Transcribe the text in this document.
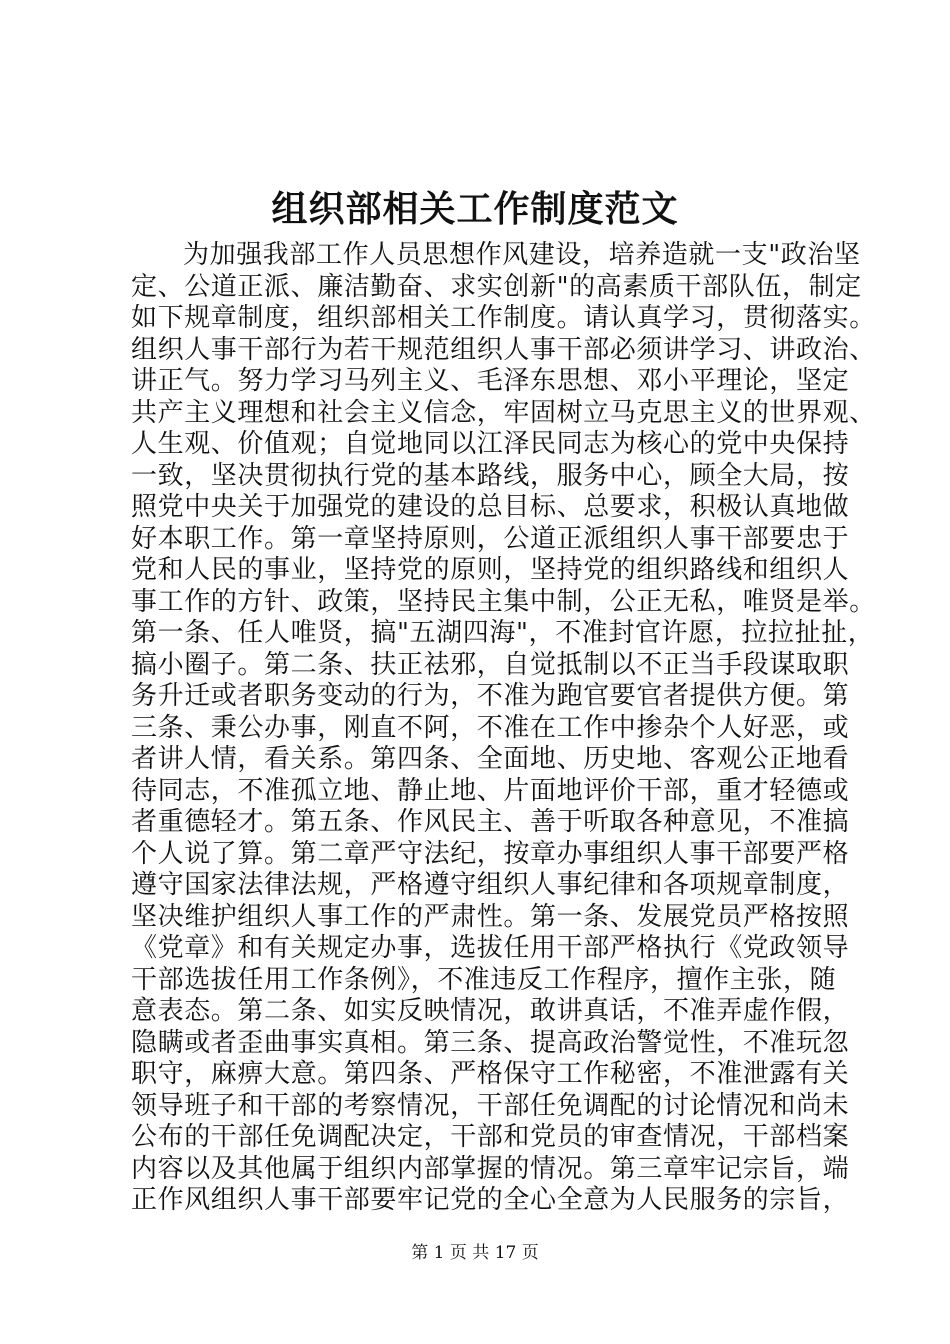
组织部相关工作制度范文
为加强我部工作人员思想作风建设，培养造就一支"政治坚
定、公道正派、廉洁勤奋、求实创新"的高素质干部队伍，制定
如下规章制度，组织部相关工作制度。请认真学习，贯彻落实。
组织人事干部行为若干规范组织人事干部必须讲学习、讲政治、
讲正气。努力学习马列主义、毛泽东思想、邓小平理论，坚定
共产主义理想和社会主义信念，牢固树立马克思主义的世界观、
人生观、价值观；自觉地同以江泽民同志为核心的党中央保持
一致，坚决贯彻执行党的基本路线，服务中心，顾全大局，按
照党中央关于加强党的建设的总目标、总要求，积极认真地做
好本职工作。第一章坚持原则，公道正派组织人事干部要忠于
党和人民的事业，坚持党的原则，坚持党的组织路线和组织人
事工作的方针、政策，坚持民主集中制，公正无私，唯贤是举。
第一条、任人唯贤，搞"五湖四海"，不准封官许愿，拉拉扯扯，
搞小圈子。第二条、扶正祛邪，自觉抵制以不正当手段谋取职
务升迁或者职务变动的行为，不准为跑官要官者提供方便。第
三条、秉公办事，刚直不阿，不准在工作中掺杂个人好恶，或
者讲人情，看关系。第四条、全面地、历史地、客观公正地看
待同志，不准孤立地、静止地、片面地评价干部，重才轻德或
者重德轻才。第五条、作风民主、善于听取各种意见，不准搞
个人说了算。第二章严守法纪，按章办事组织人事干部要严格
遵守国家法律法规，严格遵守组织人事纪律和各项规章制度，
坚决维护组织人事工作的严肃性。第一条、发展党员严格按照
《党章》和有关规定办事，选拔任用干部严格执行《党政领导
干部选拔任用工作条例》，不准违反工作程序，擅作主张，随
意表态。第二条、如实反映情况，敢讲真话，不准弄虚作假，
隐瞒或者歪曲事实真相。第三条、提高政治警觉性，不准玩忽
职守，麻痹大意。第四条、严格保守工作秘密，不准泄露有关
领导班子和干部的考察情况，干部任免调配的讨论情况和尚未
公布的干部任免调配决定，干部和党员的审查情况，干部档案
内容以及其他属于组织内部掌握的情况。第三章牢记宗旨，端
正作风组织人事干部要牢记党的全心全意为人民服务的宗旨，
第 1 页 共 17 页
